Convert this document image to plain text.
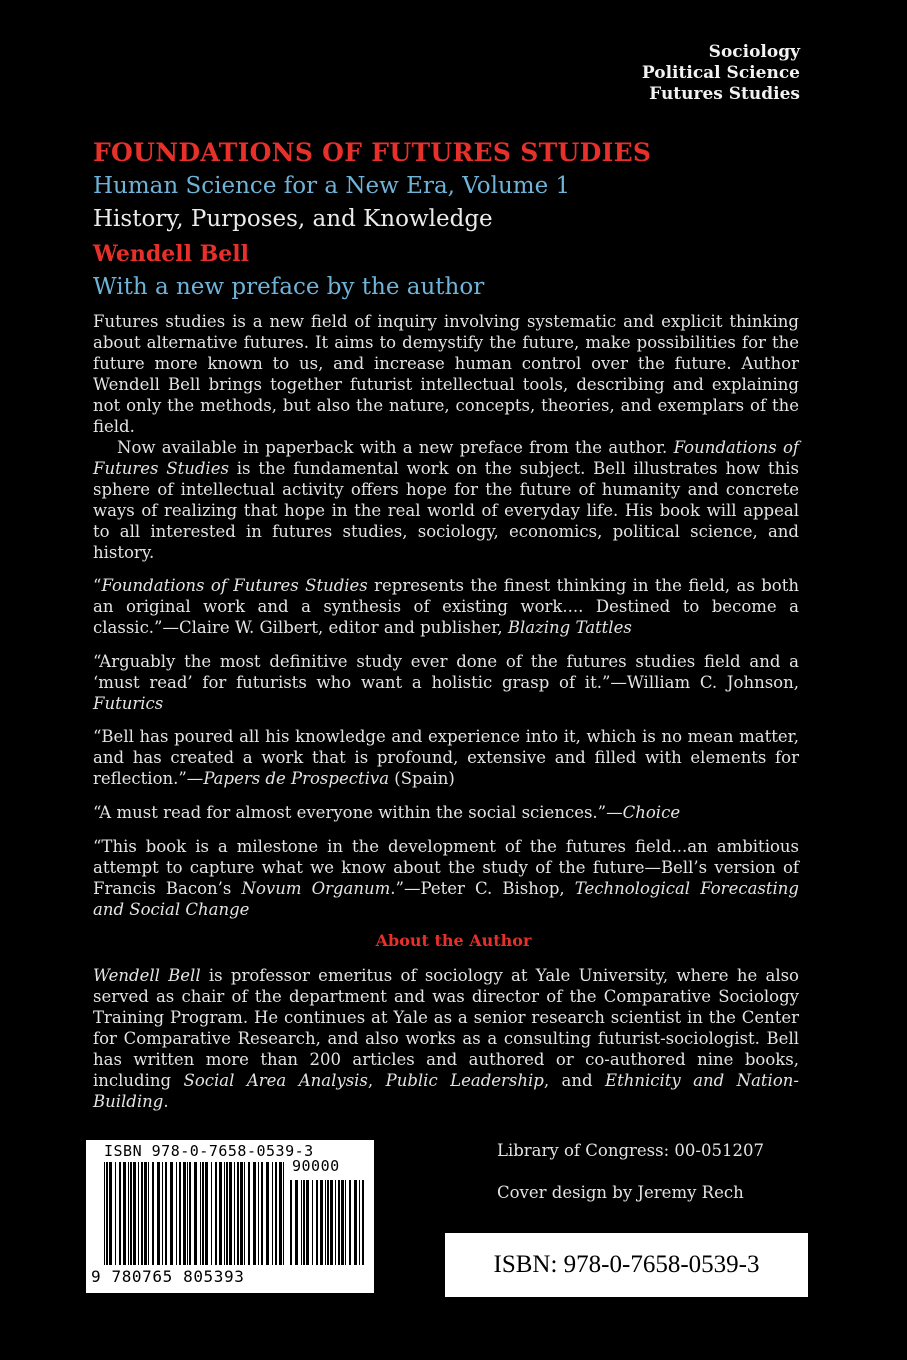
Sociology
Political Science
Futures Studies
FOUNDATIONS OF FUTURES STUDIES
Human Science for a New Era, Volume 1
History, Purposes, and Knowledge
Wendell Bell
With a new preface by the author

Futures studies is a new field of inquiry involving systematic and explicit thinking about alternative futures. It aims to demystify the future, make possibilities for the future more known to us, and increase human control over the future. Author Wendell Bell brings together futurist intellectual tools, describing and explaining not only the methods, but also the nature, concepts, theories, and exemplars of the field.

Now available in paperback with a new preface from the author. Foundations of Futures Studies is the fundamental work on the subject. Bell illustrates how this sphere of intellectual activity offers hope for the future of humanity and concrete ways of realizing that hope in the real world of everyday life. His book will appeal to all interested in futures studies, sociology, economics, political science, and history.

“Foundations of Futures Studies represents the finest thinking in the field, as both an original work and a synthesis of existing work.... Destined to become a classic.”—Claire W. Gilbert, editor and publisher, Blazing Tattles

“Arguably the most definitive study ever done of the futures studies field and a ‘must read’ for futurists who want a holistic grasp of it.”—William C. Johnson, Futurics

“Bell has poured all his knowledge and experience into it, which is no mean matter, and has created a work that is profound, extensive and filled with elements for reflection.”—Papers de Prospectiva (Spain)

“A must read for almost everyone within the social sciences.”—Choice

“This book is a milestone in the development of the futures field...an ambitious attempt to capture what we know about the study of the future—Bell’s version of Francis Bacon’s Novum Organum.”—Peter C. Bishop, Technological Forecasting and Social Change

About the Author

Wendell Bell is professor emeritus of sociology at Yale University, where he also served as chair of the department and was director of the Comparative Sociology Training Program. He continues at Yale as a senior research scientist in the Center for Comparative Research, and also works as a consulting futurist-sociologist. Bell has written more than 200 articles and authored or co-authored nine books, including Social Area Analysis, Public Leadership, and Ethnicity and Nation-Building.

ISBN 978-0-7658-0539-3
90000
9 780765 805393
Library of Congress: 00-051207
Cover design by Jeremy Rech
ISBN: 978-0-7658-0539-3
